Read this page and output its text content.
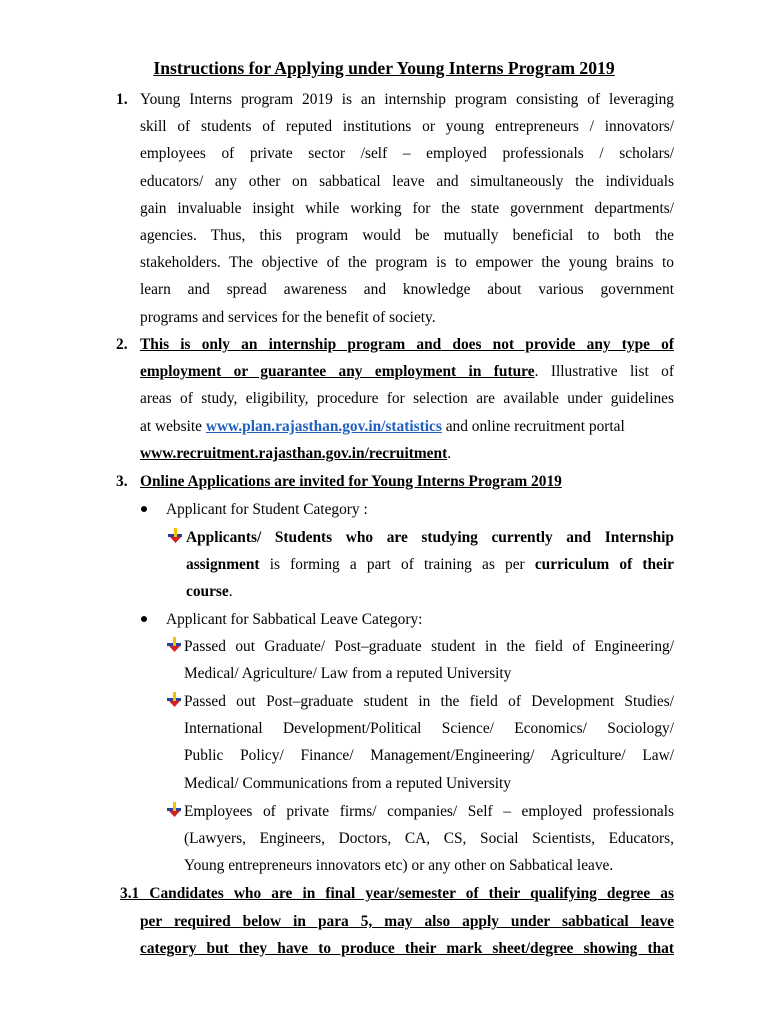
Instructions for Applying under Young Interns Program 2019
1. Young Interns program 2019 is an internship program consisting of leveraging
skill of students of reputed institutions or young entrepreneurs / innovators/
employees of private sector /self – employed professionals / scholars/
educators/ any other on sabbatical leave and simultaneously the individuals
gain invaluable insight while working for the state government departments/
agencies. Thus, this program would be mutually beneficial to both the
stakeholders. The objective of the program is to empower the young brains to
learn and spread awareness and knowledge about various government
programs and services for the benefit of society.
2. This is only an internship program and does not provide any type of
employment or guarantee any employment in future. Illustrative list of
areas of study, eligibility, procedure for selection are available under guidelines
at website www.plan.rajasthan.gov.in/statistics and online recruitment portal
www.recruitment.rajasthan.gov.in/recruitment.
3. Online Applications are invited for Young Interns Program 2019
Applicant for Student Category :
Applicants/ Students who are studying currently and Internship
assignment is forming a part of training as per curriculum of their
course.
Applicant for Sabbatical Leave Category:
Passed out Graduate/ Post–graduate student in the field of Engineering/
Medical/ Agriculture/ Law from a reputed University
Passed out Post–graduate student in the field of Development Studies/
International Development/Political Science/ Economics/ Sociology/
Public Policy/ Finance/ Management/Engineering/ Agriculture/ Law/
Medical/ Communications from a reputed University
Employees of private firms/ companies/ Self – employed professionals
(Lawyers, Engineers, Doctors, CA, CS, Social Scientists, Educators,
Young entrepreneurs innovators etc) or any other on Sabbatical leave.
3.1 Candidates who are in final year/semester of their qualifying degree as
per required below in para 5, may also apply under sabbatical leave
category but they have to produce their mark sheet/degree showing that
